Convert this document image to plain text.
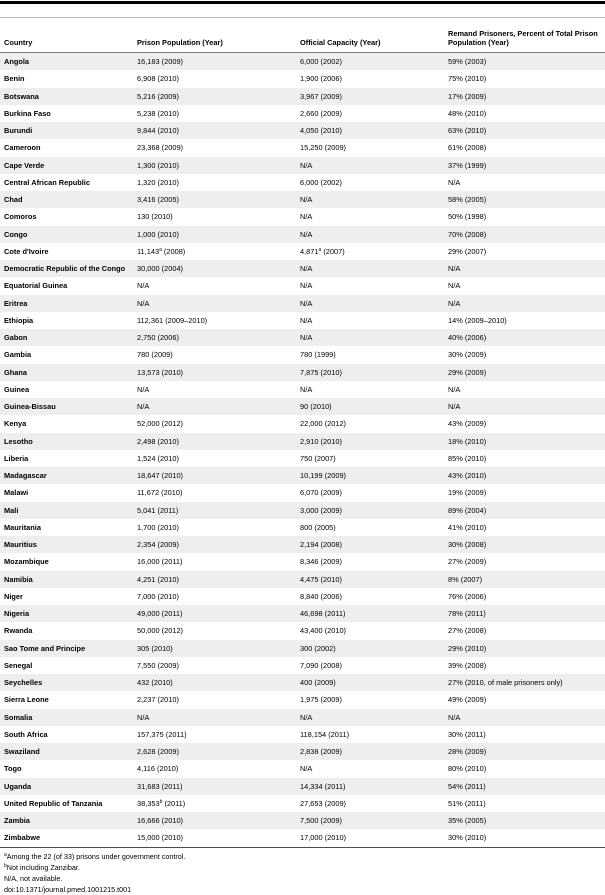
Country	Prison Population (Year)	Official Capacity (Year)
Remand Prisoners, Percent of Total Prison Population (Year)
Angola	16,183 (2009)	6,000 (2002)	59% (2003)
Benin	6,908 (2010)	1,900 (2006)	75% (2010)
Botswana	5,216 (2009)	3,967 (2009)	17% (2009)
Burkina Faso	5,238 (2010)	2,660 (2009)	48% (2010)
Burundi	9,844 (2010)	4,050 (2010)	63% (2010)
Cameroon	23,368 (2009)	15,250 (2009)	61% (2008)
Cape Verde	1,300 (2010)	N/A	37% (1999)
Central African Republic	1,320 (2010)	6,000 (2002)	N/A
Chad	3,416 (2005)	N/A	58% (2005)
Comoros	130 (2010)	N/A	50% (1998)
Congo	1,000 (2010)	N/A	70% (2008)
Cote d'Ivoire	11,143$^a$ (2008)	4,871$^a$ (2007)	29% (2007)
Democratic Republic of the Congo	30,000 (2004)	N/A	N/A
Equatorial Guinea	N/A	N/A	N/A
Eritrea	N/A	N/A	N/A
Ethiopia	112,361 (2009–2010)	N/A	14% (2009–2010)
Gabon	2,750 (2006)	N/A	40% (2006)
Gambia	780 (2009)	780 (1999)	30% (2009)
Ghana	13,573 (2010)	7,875 (2010)	29% (2009)
Guinea	N/A	N/A	N/A
Guinea-Bissau	N/A	90 (2010)	N/A
Kenya	52,000 (2012)	22,000 (2012)	43% (2009)
Lesotho	2,498 (2010)	2,910 (2010)	18% (2010)
Liberia	1,524 (2010)	750 (2007)	85% (2010)
Madagascar	18,647 (2010)	10,199 (2009)	43% (2010)
Malawi	11,672 (2010)	6,070 (2009)	19% (2009)
Mali	5,041 (2011)	3,000 (2009)	89% (2004)
Mauritania	1,700 (2010)	800 (2005)	41% (2010)
Mauritius	2,354 (2009)	2,194 (2008)	30% (2008)
Mozambique	16,000 (2011)	8,346 (2009)	27% (2009)
Namibia	4,251 (2010)	4,475 (2010)	8% (2007)
Niger	7,000 (2010)	8,840 (2006)	76% (2006)
Nigeria	49,000 (2011)	46,698 (2011)	78% (2011)
Rwanda	50,000 (2012)	43,400 (2010)	27% (2008)
Sao Tome and Principe	305 (2010)	300 (2002)	29% (2010)
Senegal	7,550 (2009)	7,090 (2008)	39% (2008)
Seychelles	432 (2010)	400 (2009)	27% (2010, of male prisoners only)
Sierra Leone	2,237 (2010)	1,975 (2009)	49% (2009)
Somalia	N/A	N/A	N/A
South Africa	157,375 (2011)	118,154 (2011)	30% (2011)
Swaziland	2,628 (2009)	2,838 (2009)	28% (2009)
Togo	4,116 (2010)	N/A	80% (2010)
Uganda	31,683 (2011)	14,334 (2011)	54% (2011)
United Republic of Tanzania	38,353$^b$ (2011)	27,653 (2009)	51% (2011)
Zambia	16,666 (2010)	7,500 (2009)	35% (2005)
Zimbabwe	15,000 (2010)	17,000 (2010)	30% (2010)
$^a$Among the 22 (of 33) prisons under government control.
$^b$Not including Zanzibar.
N/A, not available.
doi:10.1371/journal.pmed.1001215.t001
